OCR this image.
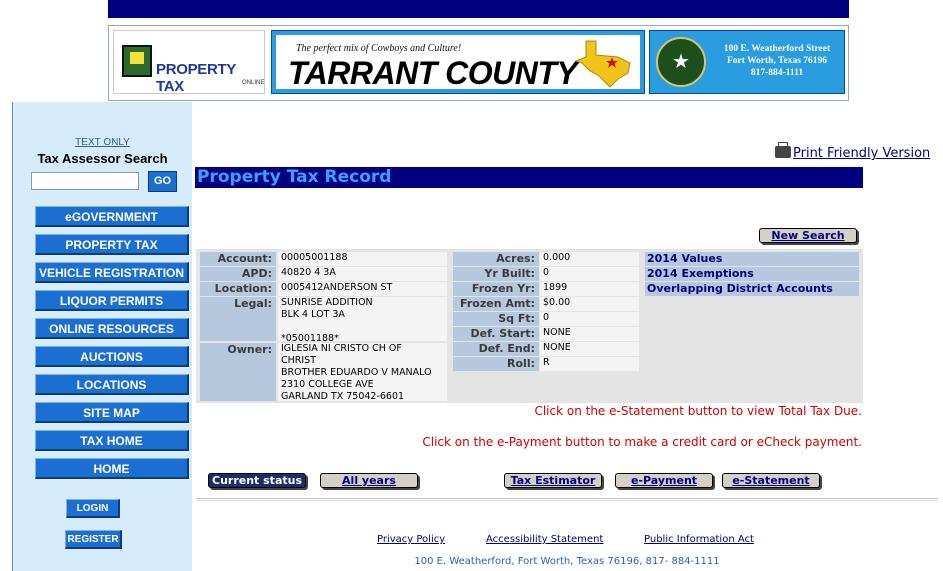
PROPERTY TAX	ONLINE
The perfect mix of Cowboys and Culture!
TARRANT COUNTY	★	100 E. Weatherford Street
Fort Worth, Texas 76196
817-884-1111
TEXT ONLY
Tax Assessor Search
GO
eGOVERNMENT
PROPERTY TAX
VEHICLE REGISTRATION
LIQUOR PERMITS
ONLINE RESOURCES
AUCTIONS
LOCATIONS
SITE MAP
TAX HOME
HOME
LOGIN
REGISTER
Print Friendly Version
Property Tax Record
New Search
Account: 00005001188
APD: 40820 4 3A
Location: 0005412ANDERSON ST
Legal: SUNRISE ADDITION
BLK 4 LOT 3A
*05001188*
Owner: IGLESIA NI CRISTO CH OF
CHRIST
BROTHER EDUARDO V MANALO
2310 COLLEGE AVE
GARLAND TX 75042-6601
Acres: 0.000
Yr Built: 0
Frozen Yr: 1899
Frozen Amt: $0.00
Sq Ft: 0
Def. Start: NONE
Def. End: NONE
Roll: R
2014 Values
2014 Exemptions
Overlapping District Accounts
Click on the e-Statement button to view Total Tax Due.
Click on the e-Payment button to make a credit card or eCheck payment.
Current status	All years	Tax Estimator	e-Payment	e-Statement
Privacy Policy	Accessibility Statement	Public Information Act
100 E. Weatherford, Fort Worth, Texas 76196, 817- 884-1111
